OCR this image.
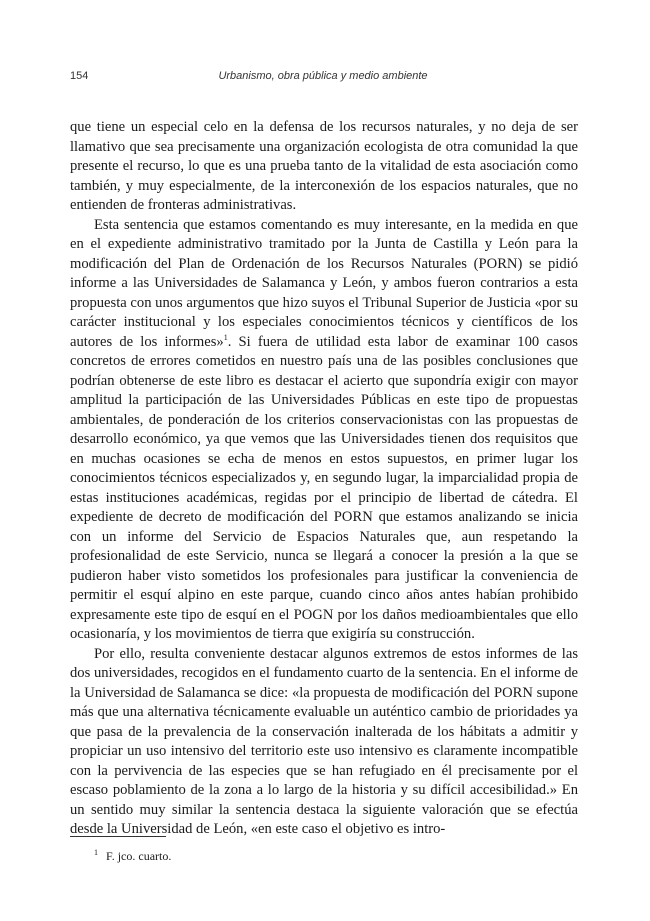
154	Urbanismo, obra pública y medio ambiente

que tiene un especial celo en la defensa de los recursos naturales, y no deja de ser llamativo que sea precisamente una organización ecologista de otra comunidad la que presente el recurso, lo que es una prueba tanto de la vitalidad de esta asociación como también, y muy especialmente, de la interconexión de los espacios naturales, que no entienden de fronteras administrativas.

Esta sentencia que estamos comentando es muy interesante, en la medida en que en el expediente administrativo tramitado por la Junta de Castilla y León para la modificación del Plan de Ordenación de los Recursos Naturales (PORN) se pidió informe a las Universidades de Salamanca y León, y ambos fueron contrarios a esta propuesta con unos argumentos que hizo suyos el Tribunal Superior de Justicia «por su carácter institucional y los especiales conocimientos técnicos y científicos de los autores de los informes»$^1$. Si fuera de utilidad esta labor de examinar 100 casos concretos de errores cometidos en nuestro país una de las posibles conclusiones que podrían obtenerse de este libro es destacar el acierto que supondría exigir con mayor amplitud la participación de las Universidades Públicas en este tipo de propuestas ambientales, de ponderación de los criterios conservacionistas con las propuestas de desarrollo económico, ya que vemos que las Universidades tienen dos requisitos que en muchas ocasiones se echa de menos en estos supuestos, en primer lugar los conocimientos técnicos especializados y, en segundo lugar, la imparcialidad propia de estas instituciones académicas, regidas por el principio de libertad de cátedra. El expediente de decreto de modificación del PORN que estamos analizando se inicia con un informe del Servicio de Espacios Naturales que, aun respetando la profesionalidad de este Servicio, nunca se llegará a conocer la presión a la que se pudieron haber visto sometidos los profesionales para justificar la conveniencia de permitir el esquí alpino en este parque, cuando cinco años antes habían prohibido expresamente este tipo de esquí en el POGN por los daños medioambientales que ello ocasionaría, y los movimientos de tierra que exigiría su construcción.

Por ello, resulta conveniente destacar algunos extremos de estos informes de las dos universidades, recogidos en el fundamento cuarto de la sentencia. En el informe de la Universidad de Salamanca se dice: «la propuesta de modificación del PORN supone más que una alternativa técnicamente evaluable un auténtico cambio de prioridades ya que pasa de la prevalencia de la conservación inalterada de los hábitats a admitir y propiciar un uso intensivo del territorio este uso intensivo es claramente incompatible con la pervivencia de las especies que se han refugiado en él precisamente por el escaso poblamiento de la zona a lo largo de la historia y su difícil accesibilidad.» En un sentido muy similar la sentencia destaca la siguiente valoración que se efectúa desde la Universidad de León, «en este caso el objetivo es intro-

$^1$ F. jco. cuarto.
